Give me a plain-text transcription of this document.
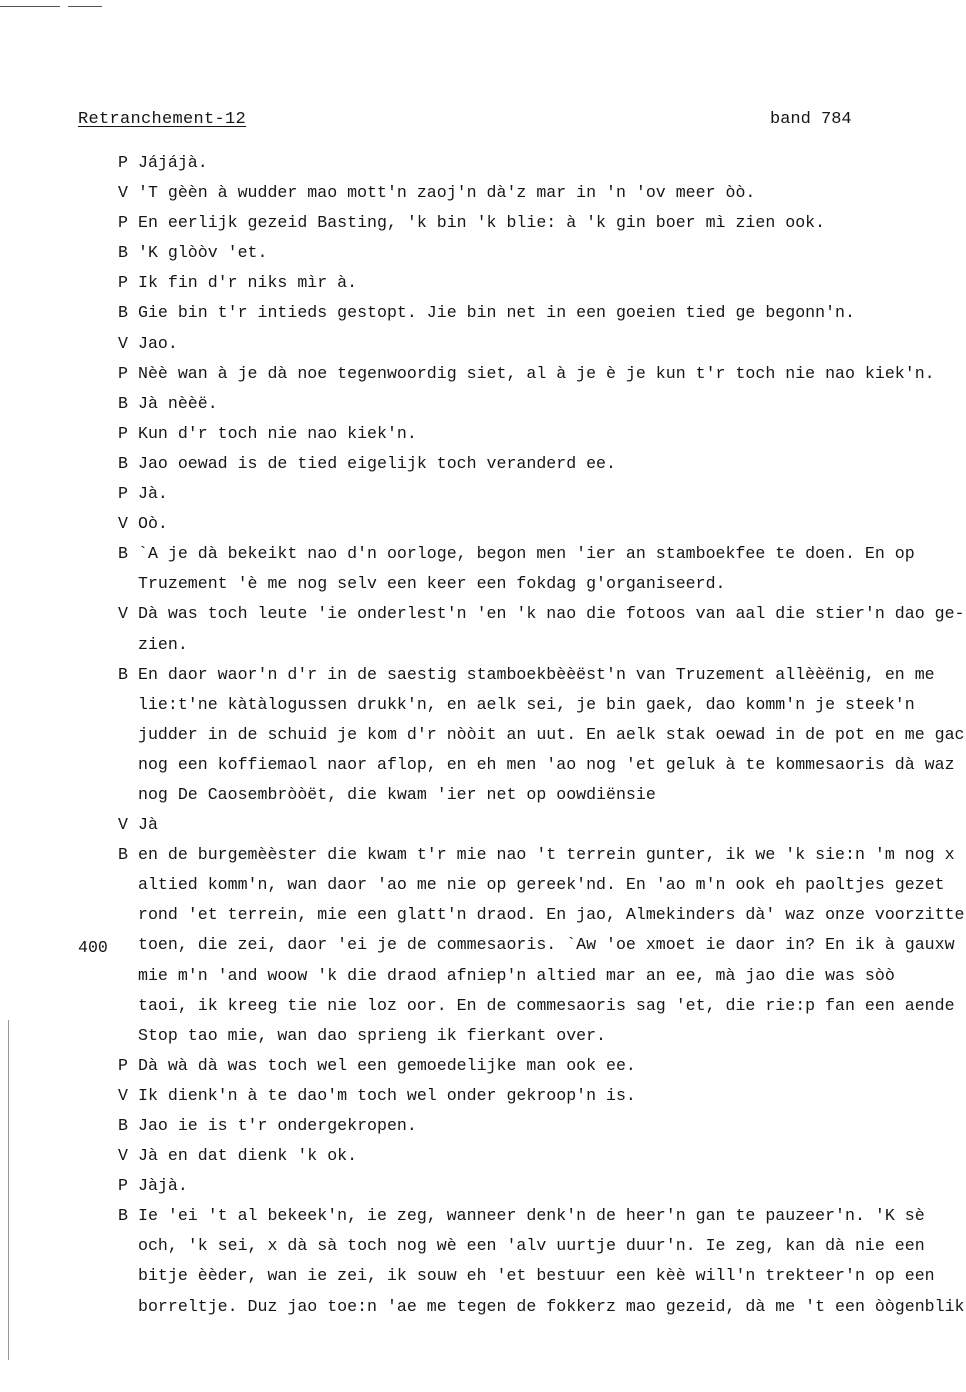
Retranchement-12	band 784
P Jájájà.
V 'T gèèn à wudder mao mott'n zaoj'n dà'z mar in 'n 'ov meer òò.
P En eerlijk gezeid Basting, 'k bin 'k blie: à 'k gin boer mì zien ook.
B 'K glòòv 'et.
P Ik fin d'r niks mìr à.
B Gie bin t'r intieds gestopt. Jie bin net in een goeien tied ge begonn'n.
V Jao.
P Nèè wan à je dà noe tegenwoordig siet, al à je è je kun t'r toch nie nao kiek'n.
B Jà nèèë.
P Kun d'r toch nie nao kiek'n.
B Jao oewad is de tied eigelijk toch veranderd ee.
P Jà.
V Oò.
B `A je dà bekeikt nao d'n oorloge, begon men 'ier an stamboekfee te doen. En op
Truzement 'è me nog selv een keer een fokdag g'organiseerd.
V Dà was toch leute 'ie onderlest'n 'en 'k nao die fotoos van aal die stier'n dao ge-
zien.
B En daor waor'n d'r in de saestig stamboekbèèëst'n van Truzement allèèënig, en me
lie:t'ne kàtàlogussen drukk'n, en aelk sei, je bin gaek, dao komm'n je steek'n
judder in de schuid je kom d'r nòòit an uut. En aelk stak oewad in de pot en me gac
nog een koffiemaol naor aflop, en eh men 'ao nog 'et geluk à te kommesaoris dà waz
nog De Caosembròòët, die kwam 'ier net op oowdiënsie
V Jà
B en de burgemèèster die kwam t'r mie nao 't terrein gunter, ik we 'k sie:n 'm nog x
altied komm'n, wan daor 'ao me nie op gereek'nd. En 'ao m'n ook eh paoltjes gezet
rond 'et terrein, mie een glatt'n draod. En jao, Almekinders dà' waz onze voorzitte
toen, die zei, daor 'ei je de commesaoris. `Aw 'oe xmoet ie daor in? En ik à gauxw
mie m'n 'and woow 'k die draod afniep'n altied mar an ee, mà jao die was sòò
taoi, ik kreeg tie nie loz oor. En de commesaoris sag 'et, die rie:p fan een aende
Stop tao mie, wan dao sprieng ik fierkant over.
P Dà wà dà was toch wel een gemoedelijke man ook ee.
V Ik dienk'n à te dao'm toch wel onder gekroop'n is.
B Jao ie is t'r ondergekropen.
V Jà en dat dienk 'k ok.
P Jàjà.
B Ie 'ei 't al bekeek'n, ie zeg, wanneer denk'n de heer'n gan te pauzeer'n. 'K sè
och, 'k sei, x dà sà toch nog wè een 'alv uurtje duur'n. Ie zeg, kan dà nie een
bitje èèder, wan ie zei, ik souw eh 'et bestuur een kèè will'n trekteer'n op een
borreltje. Duz jao toe:n 'ae me tegen de fokkerz mao gezeid, dà me 't een òògenblik
400
